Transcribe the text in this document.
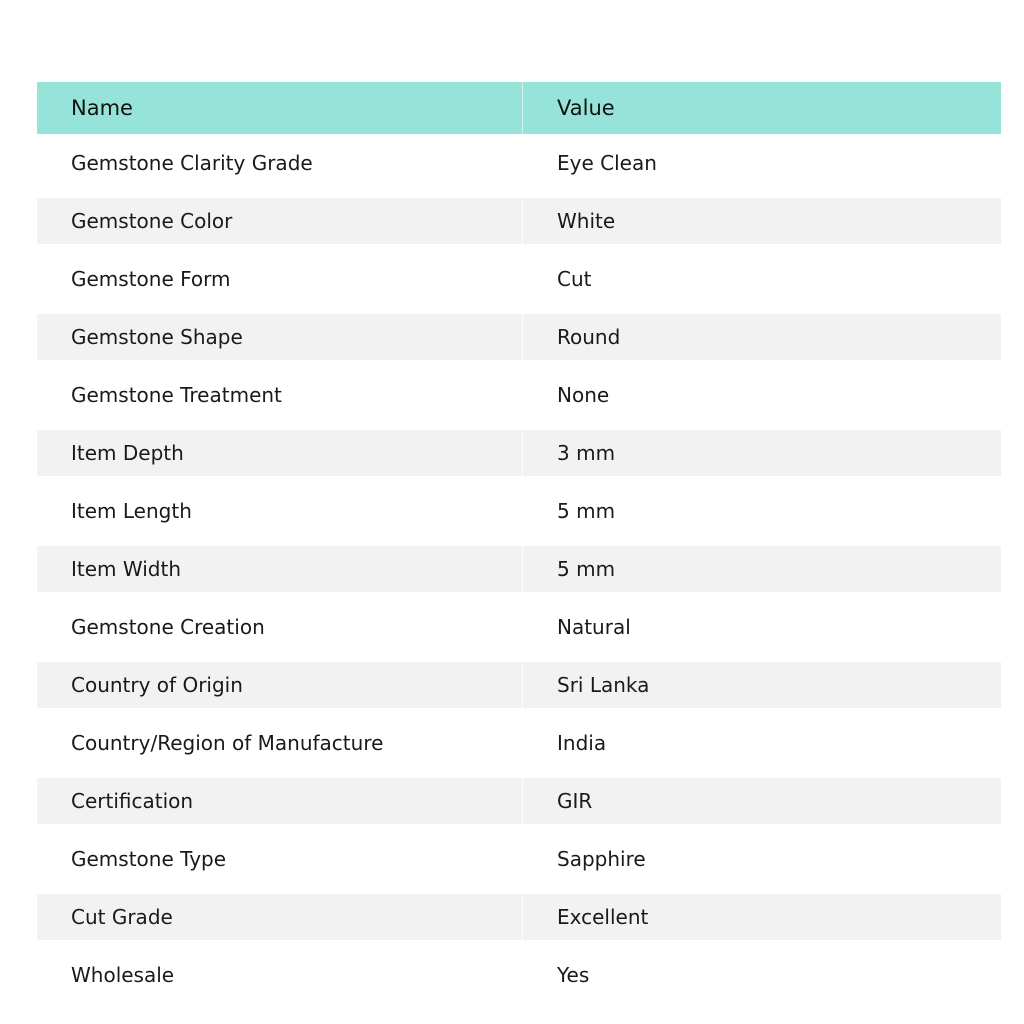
Name	Value
Gemstone Clarity Grade	Eye Clean
Gemstone Color	White
Gemstone Form	Cut
Gemstone Shape	Round
Gemstone Treatment	None
Item Depth	3 mm
Item Length	5 mm
Item Width	5 mm
Gemstone Creation	Natural
Country of Origin	Sri Lanka
Country/Region of Manufacture	India
Certification	GIR
Gemstone Type	Sapphire
Cut Grade	Excellent
Wholesale	Yes
